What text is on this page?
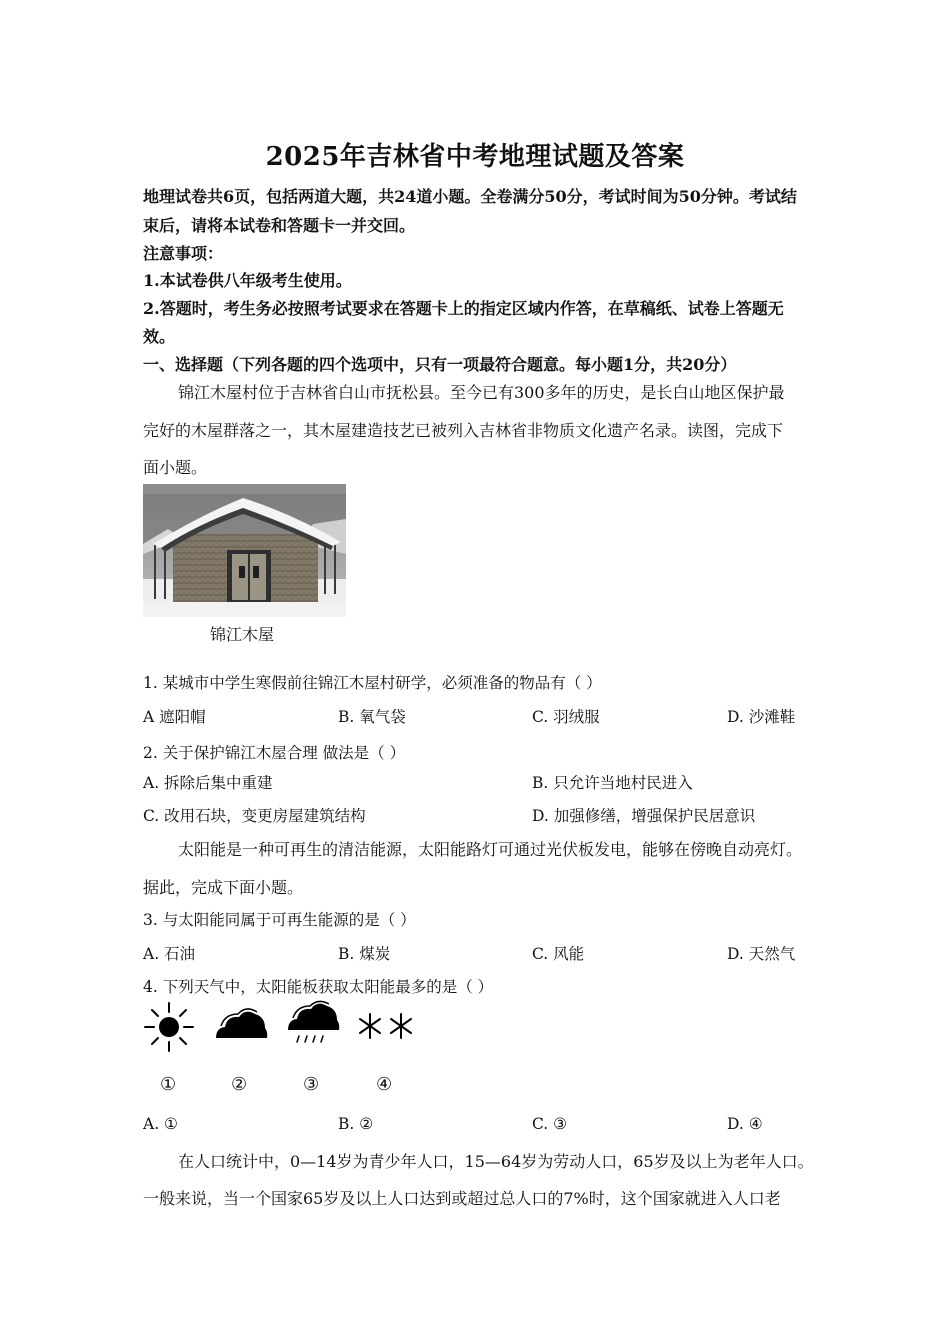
2025年吉林省中考地理试题及答案
地理试卷共6页，包括两道大题，共24道小题。全卷满分50分，考试时间为50分钟。考试结
束后，请将本试卷和答题卡一并交回。
注意事项：
1.本试卷供八年级考生使用。
2.答题时，考生务必按照考试要求在答题卡上的指定区域内作答，在草稿纸、试卷上答题无
效。
一、选择题（下列各题的四个选项中，只有一项最符合题意。每小题1分，共20分）
锦江木屋村位于吉林省白山市抚松县。至今已有300多年的历史，是长白山地区保护最
完好的木屋群落之一，其木屋建造技艺已被列入吉林省非物质文化遗产名录。读图，完成下
面小题。
锦江木屋
1. 某城市中学生寒假前往锦江木屋村研学，必须准备的物品有（ ）
A 遮阳帽	B. 氧气袋	C. 羽绒服	D. 沙滩鞋
2. 关于保护锦江木屋合理 做法是（ ）
A. 拆除后集中重建	B. 只允许当地村民进入
C. 改用石块，变更房屋建筑结构	D. 加强修缮，增强保护民居意识
太阳能是一种可再生的清洁能源，太阳能路灯可通过光伏板发电，能够在傍晚自动亮灯。
据此，完成下面小题。
3. 与太阳能同属于可再生能源的是（ ）
A. 石油	B. 煤炭	C. 风能	D. 天然气
4. 下列天气中，太阳能板获取太阳能最多的是（ ）
①	②	③	④
A. ①	B. ②	C. ③	D. ④
在人口统计中，0—14岁为青少年人口，15—64岁为劳动人口，65岁及以上为老年人口。
一般来说，当一个国家65岁及以上人口达到或超过总人口的7%时，这个国家就进入人口老
